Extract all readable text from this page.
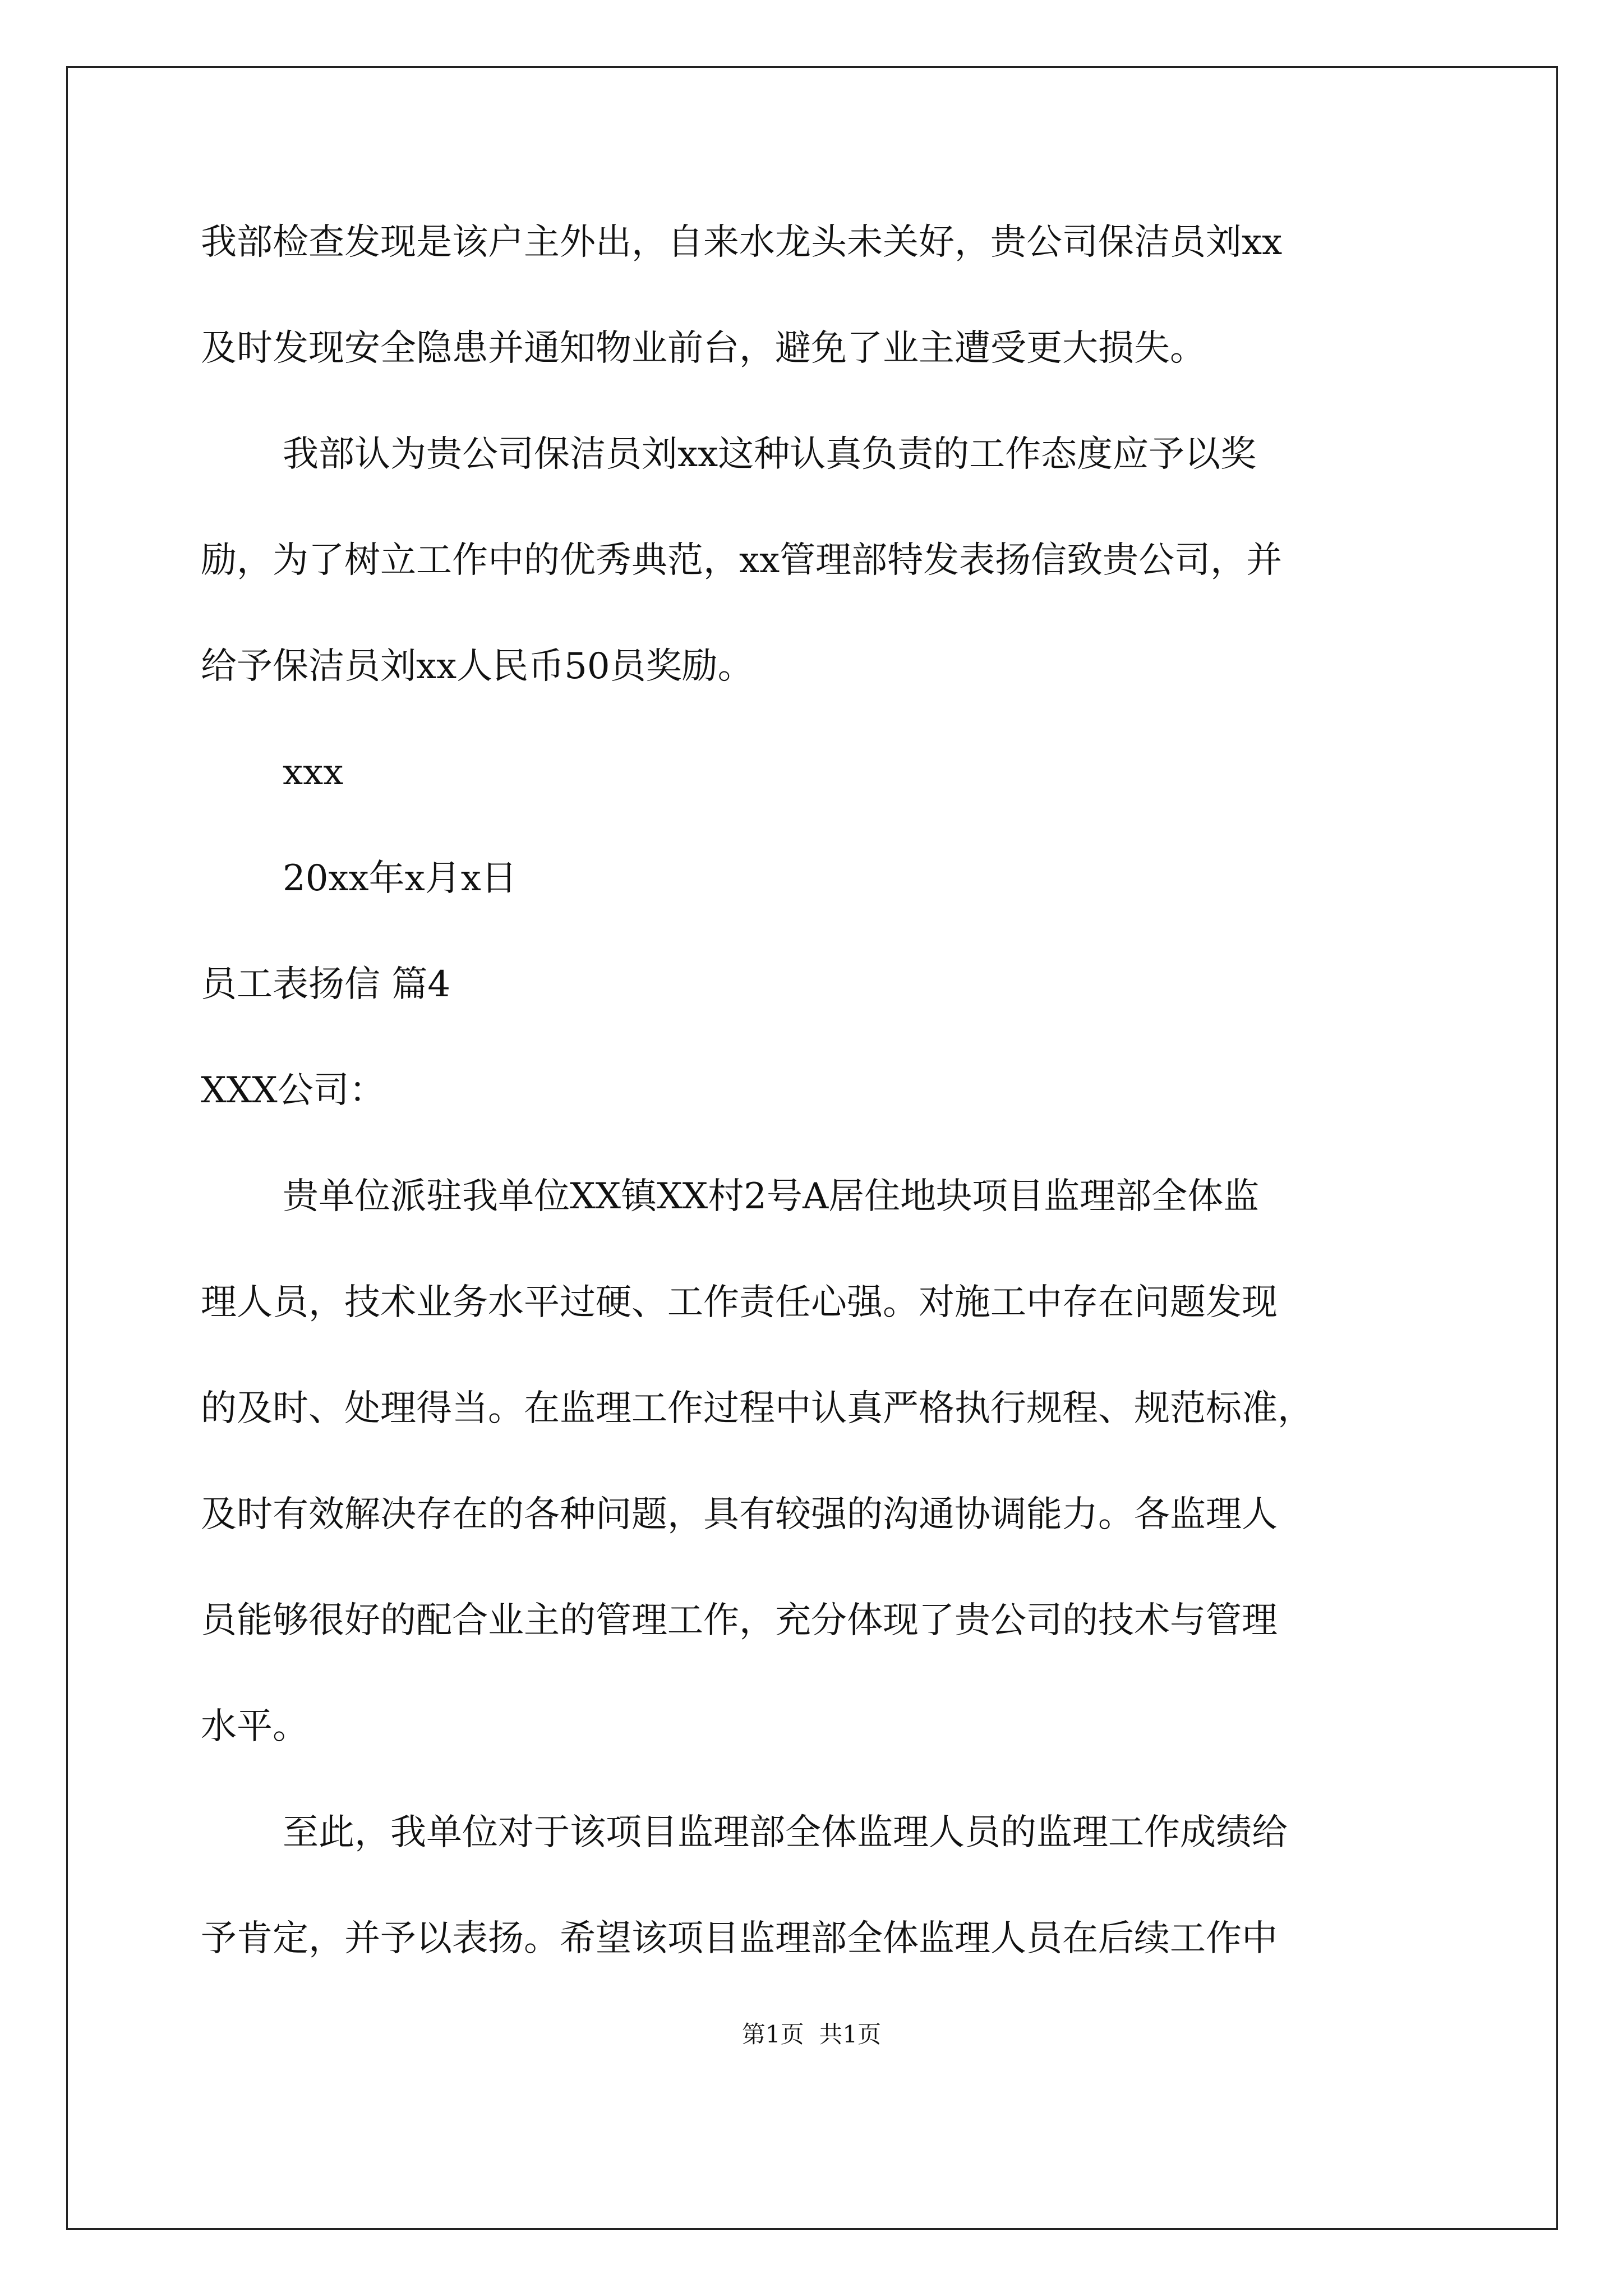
我部检查发现是该户主外出，自来水龙头未关好，贵公司保洁员刘xx
及时发现安全隐患并通知物业前台，避免了业主遭受更大损失。
我部认为贵公司保洁员刘xx这种认真负责的工作态度应予以奖
励，为了树立工作中的优秀典范，xx管理部特发表扬信致贵公司，并
给予保洁员刘xx人民币50员奖励。
xxx
20xx年x月x日
员工表扬信 篇4
XXX公司：
贵单位派驻我单位XX镇XX村2号A居住地块项目监理部全体监
理人员，技术业务水平过硬、工作责任心强。对施工中存在问题发现
的及时、处理得当。在监理工作过程中认真严格执行规程、规范标准，
及时有效解决存在的各种问题，具有较强的沟通协调能力。各监理人
员能够很好的配合业主的管理工作，充分体现了贵公司的技术与管理
水平。
至此，我单位对于该项目监理部全体监理人员的监理工作成绩给
予肯定，并予以表扬。希望该项目监理部全体监理人员在后续工作中
第1页  共1页
